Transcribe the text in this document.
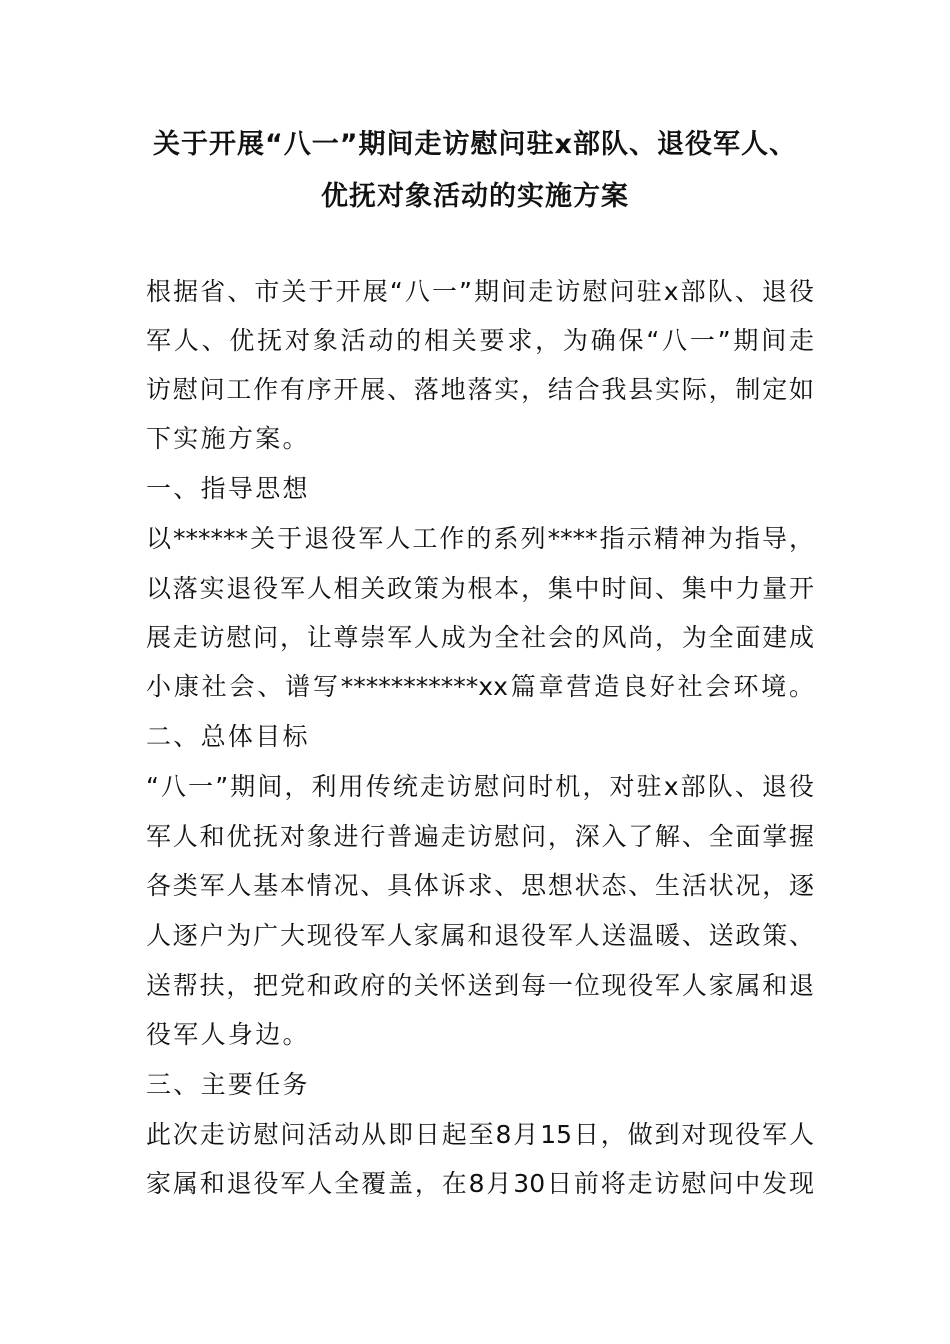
关于开展“八一”期间走访慰问驻x部队、退役军人、
优抚对象活动的实施方案
根据省、市关于开展“八一”期间走访慰问驻x部队、退役
军人、优抚对象活动的相关要求，为确保“八一”期间走
访慰问工作有序开展、落地落实，结合我县实际，制定如
下实施方案。
一、指导思想
以******关于退役军人工作的系列****指示精神为指导，
以落实退役军人相关政策为根本，集中时间、集中力量开
展走访慰问，让尊崇军人成为全社会的风尚，为全面建成
小康社会、谱写***********xx篇章营造良好社会环境。
二、总体目标
“八一”期间，利用传统走访慰问时机，对驻x部队、退役
军人和优抚对象进行普遍走访慰问，深入了解、全面掌握
各类军人基本情况、具体诉求、思想状态、生活状况，逐
人逐户为广大现役军人家属和退役军人送温暖、送政策、
送帮扶，把党和政府的关怀送到每一位现役军人家属和退
役军人身边。
三、主要任务
此次走访慰问活动从即日起至8月15日，做到对现役军人
家属和退役军人全覆盖，在8月30日前将走访慰问中发现
